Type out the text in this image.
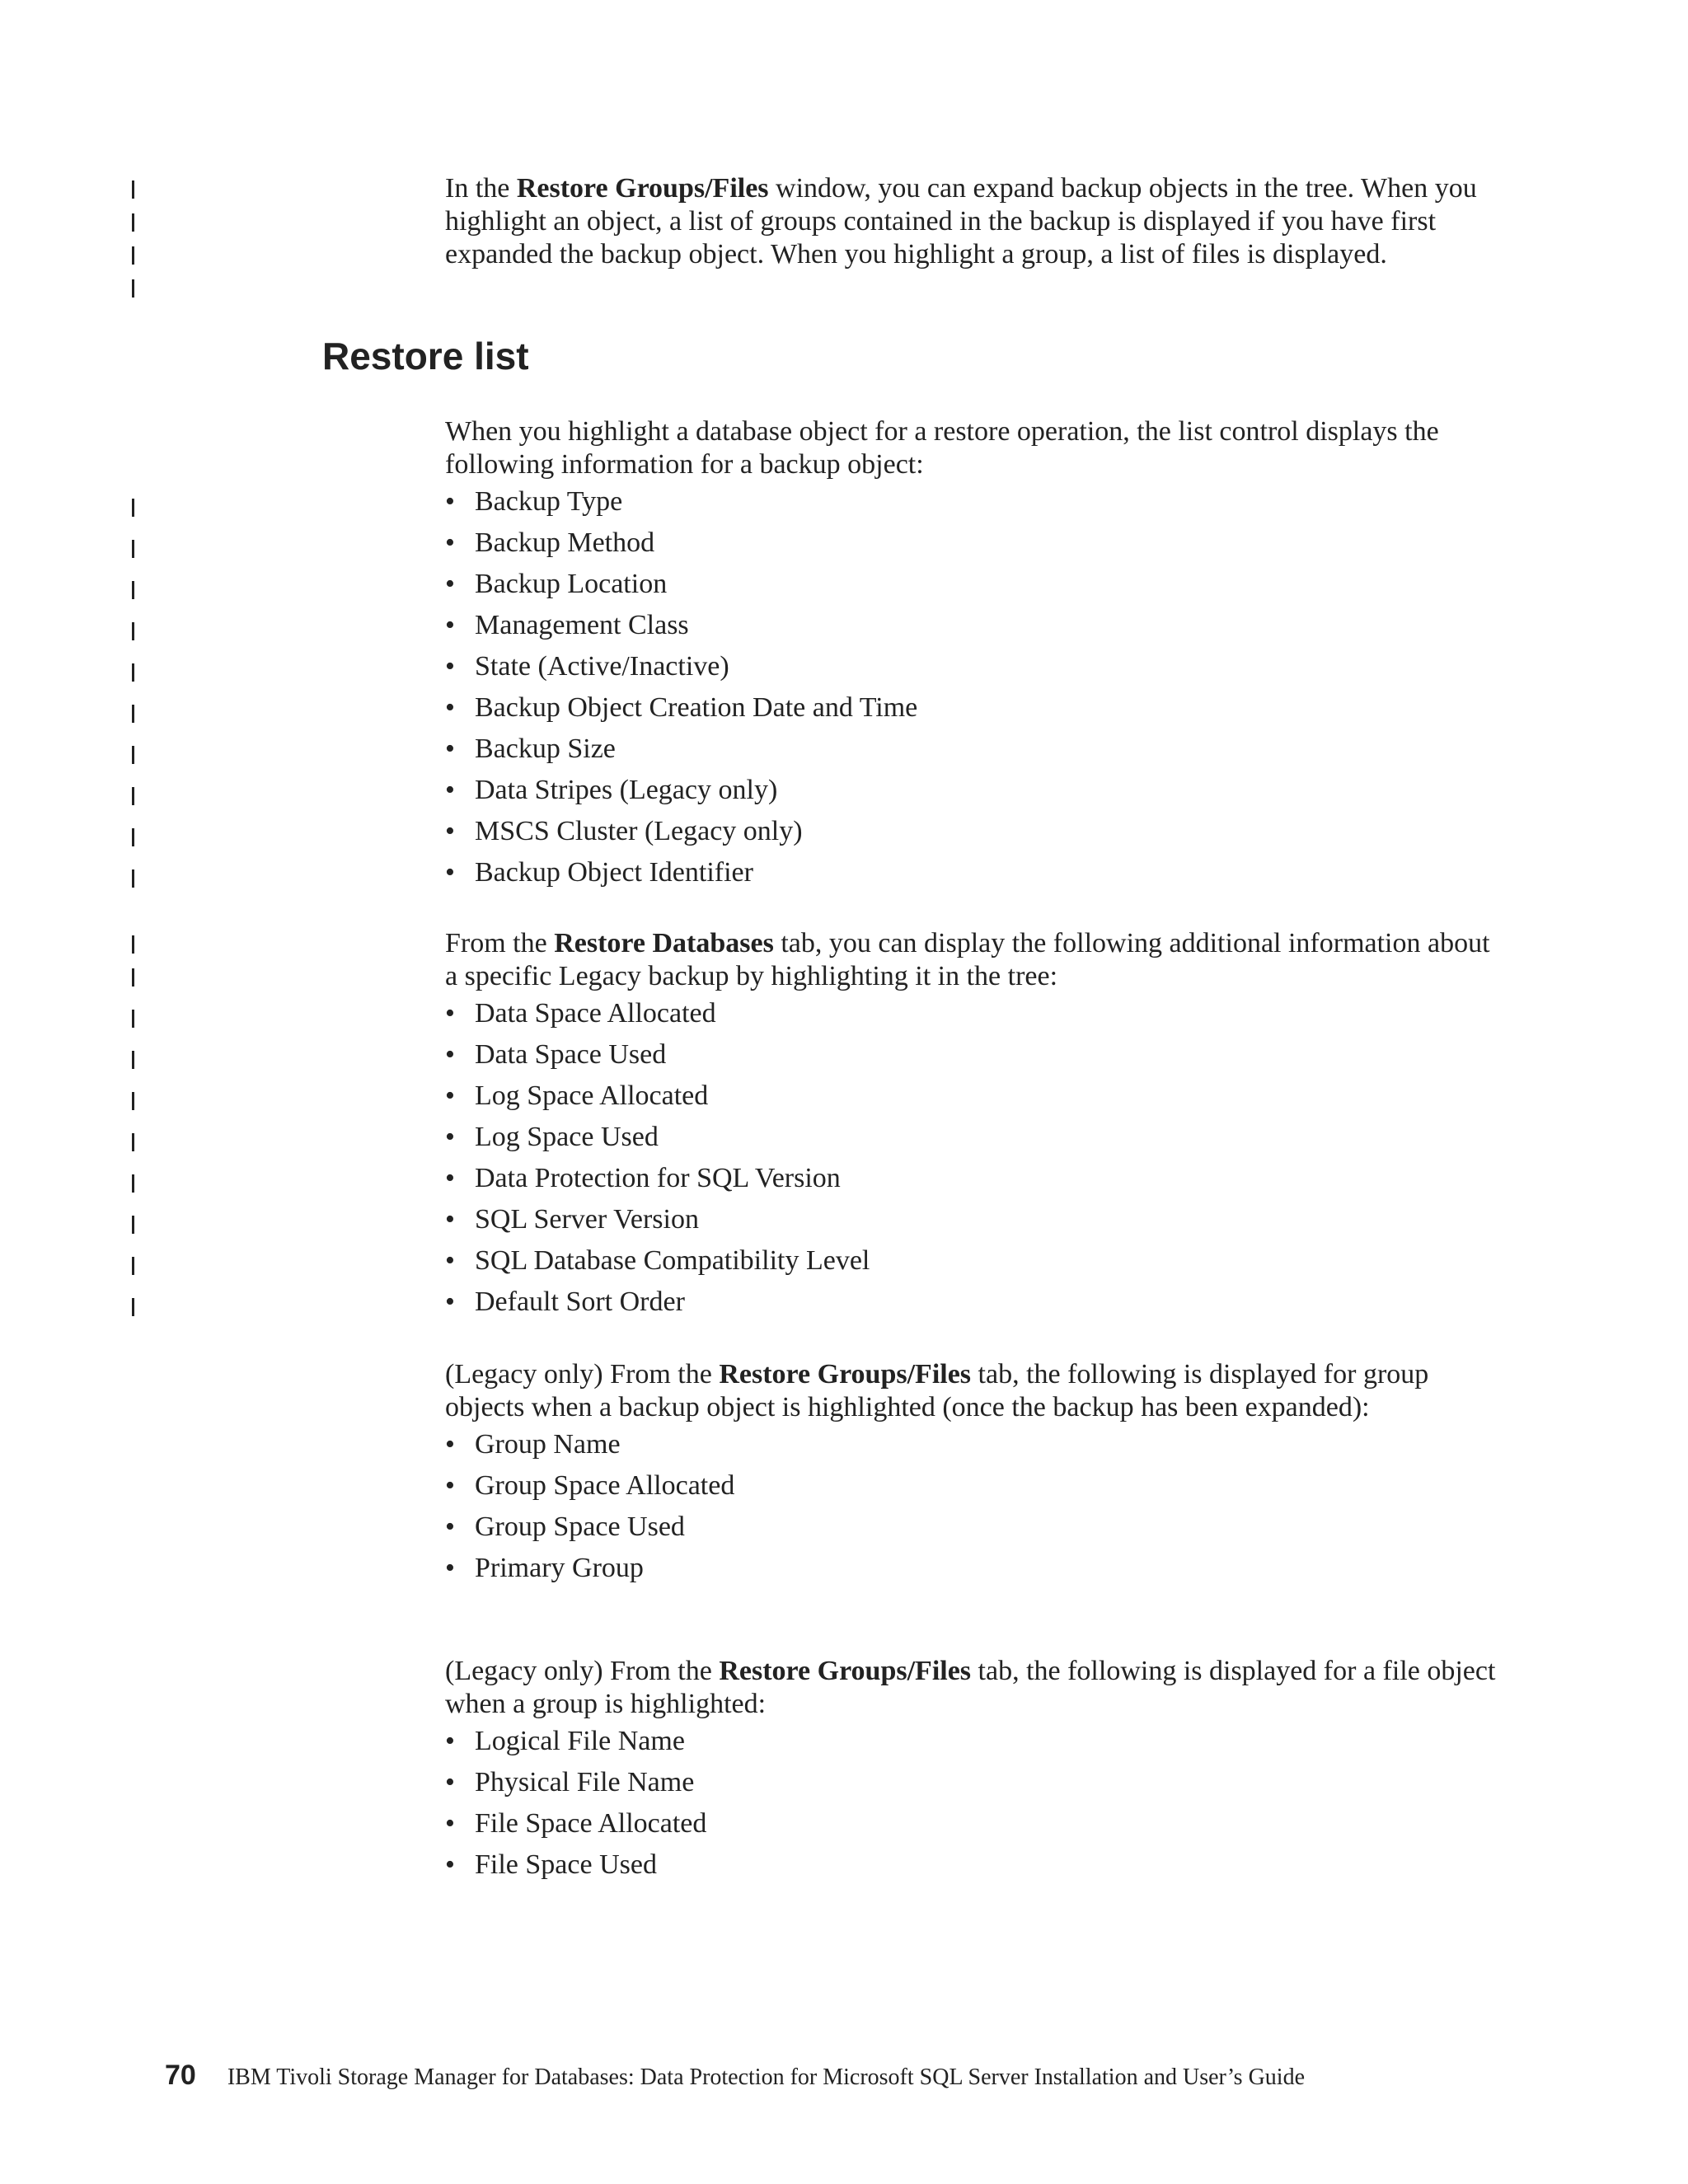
In the Restore Groups/Files window, you can expand backup objects in the tree. When you highlight an object, a list of groups contained in the backup is displayed if you have first expanded the backup object. When you highlight a group, a list of files is displayed.

Restore list

When you highlight a database object for a restore operation, the list control displays the following information for a backup object:

• Backup Type
• Backup Method
• Backup Location
• Management Class
• State (Active/Inactive)
• Backup Object Creation Date and Time
• Backup Size
• Data Stripes (Legacy only)
• MSCS Cluster (Legacy only)
• Backup Object Identifier

From the Restore Databases tab, you can display the following additional information about a specific Legacy backup by highlighting it in the tree:

• Data Space Allocated
• Data Space Used
• Log Space Allocated
• Log Space Used
• Data Protection for SQL Version
• SQL Server Version
• SQL Database Compatibility Level
• Default Sort Order

(Legacy only) From the Restore Groups/Files tab, the following is displayed for group objects when a backup object is highlighted (once the backup has been expanded):

• Group Name
• Group Space Allocated
• Group Space Used
• Primary Group

(Legacy only) From the Restore Groups/Files tab, the following is displayed for a file object when a group is highlighted:

• Logical File Name
• Physical File Name
• File Space Allocated
• File Space Used
70 IBM Tivoli Storage Manager for Databases: Data Protection for Microsoft SQL Server Installation and User’s Guide
